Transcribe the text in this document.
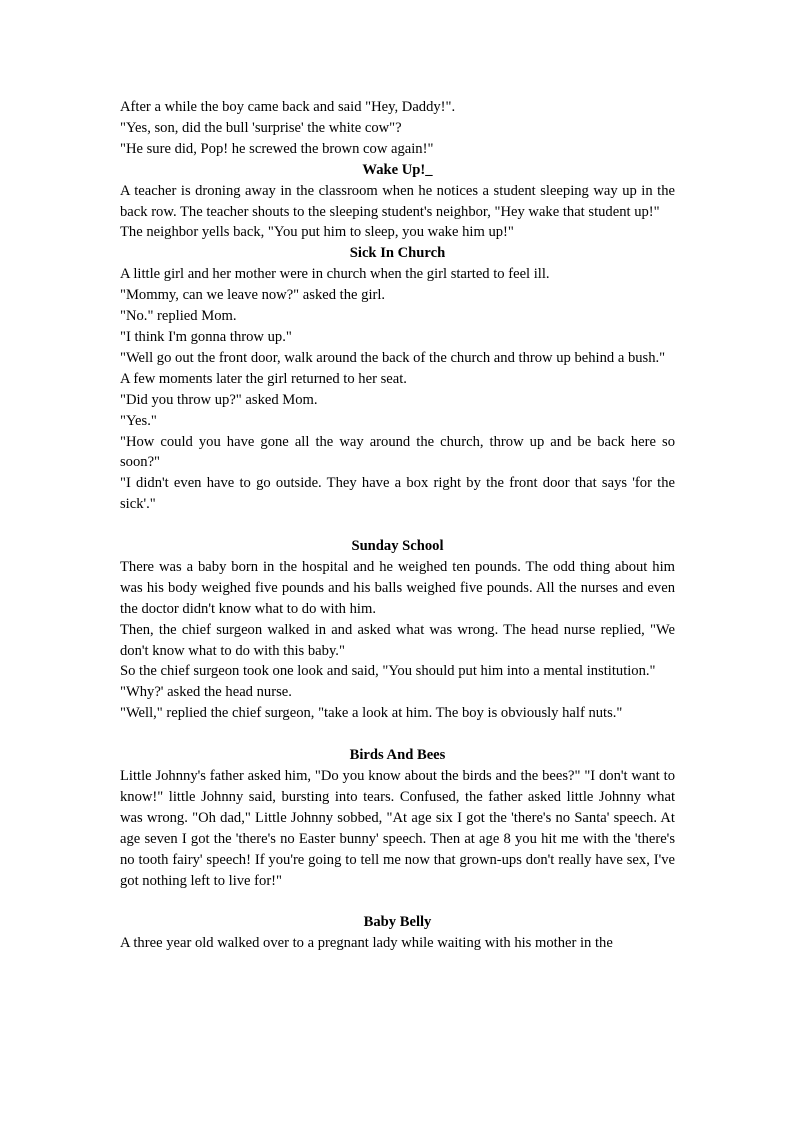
After a while the boy came back and said "Hey, Daddy!".

"Yes, son, did the bull 'surprise' the white cow"?

"He sure did, Pop! he screwed the brown cow again!"

Wake Up!_

A teacher is droning away in the classroom when he notices a student sleeping way up in the back row. The teacher shouts to the sleeping student's neighbor, "Hey wake that student up!"

The neighbor yells back, "You put him to sleep, you wake him up!"

Sick In Church

A little girl and her mother were in church when the girl started to feel ill.

"Mommy, can we leave now?" asked the girl.

"No." replied Mom.

"I think I'm gonna throw up."

"Well go out the front door, walk around the back of the church and throw up behind a bush."

A few moments later the girl returned to her seat.

"Did you throw up?" asked Mom.

"Yes."

"How could you have gone all the way around the church, throw up and be back here so soon?"

"I didn't even have to go outside. They have a box right by the front door that says 'for the sick'."

Sunday School

There was a baby born in the hospital and he weighed ten pounds. The odd thing about him was his body weighed five pounds and his balls weighed five pounds. All the nurses and even the doctor didn't know what to do with him.

Then, the chief surgeon walked in and asked what was wrong. The head nurse replied, "We don't know what to do with this baby."

So the chief surgeon took one look and said, "You should put him into a mental institution."

"Why?' asked the head nurse.

"Well," replied the chief surgeon, "take a look at him. The boy is obviously half nuts."

Birds And Bees

Little Johnny's father asked him, "Do you know about the birds and the bees?" "I don't want to know!" little Johnny said, bursting into tears. Confused, the father asked little Johnny what was wrong. "Oh dad," Little Johnny sobbed, "At age six I got the 'there's no Santa' speech. At age seven I got the 'there's no Easter bunny' speech. Then at age 8 you hit me with the 'there's no tooth fairy' speech! If you're going to tell me now that grown-ups don't really have sex, I've got nothing left to live for!"

Baby Belly

A three year old walked over to a pregnant lady while waiting with his mother in the
